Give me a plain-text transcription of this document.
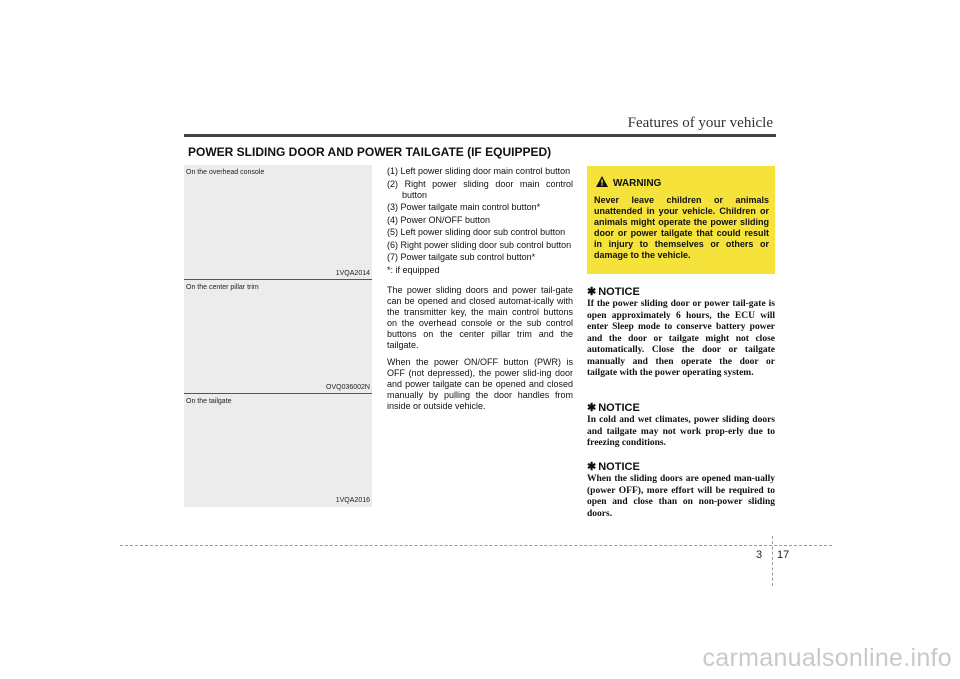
Features of your vehicle
POWER SLIDING DOOR AND POWER TAILGATE (IF EQUIPPED)
On the overhead console
1VQA2014
On the center pillar trim
OVQ036002N
On the tailgate
1VQA2016
(1) Left power sliding door main control button
(2) Right power sliding door main control button
(3) Power tailgate main control button*
(4) Power ON/OFF button
(5) Left power sliding door sub control button
(6) Right power sliding door sub control button
(7) Power tailgate sub control button*

*: if equipped

The power sliding doors and power tail-gate can be opened and closed automat-ically with the transmitter key, the main control buttons on the overhead console or the sub control buttons on the center pillar trim and the tailgate.

When the power ON/OFF button (PWR) is OFF (not depressed), the power slid-ing door and power tailgate can be opened and closed manually by pulling the door handles from inside or outside vehicle.

WARNING
Never leave children or animals unattended in your vehicle. Children or animals might operate the power sliding door or power tailgate that could result in injury to themselves or others or damage to the vehicle.
✱ NOTICE
If the power sliding door or power tail-gate is open approximately 6 hours, the ECU will enter Sleep mode to conserve battery power and the door or tailgate might not close automatically. Close the door or tailgate manually and then operate the door or tailgate with the power operating system.
✱ NOTICE
In cold and wet climates, power sliding doors and tailgate may not work prop-erly due to freezing conditions.
✱ NOTICE
When the sliding doors are opened man-ually (power OFF), more effort will be required to open and close than on non-power sliding doors.
3 17
carmanualsonline.info
